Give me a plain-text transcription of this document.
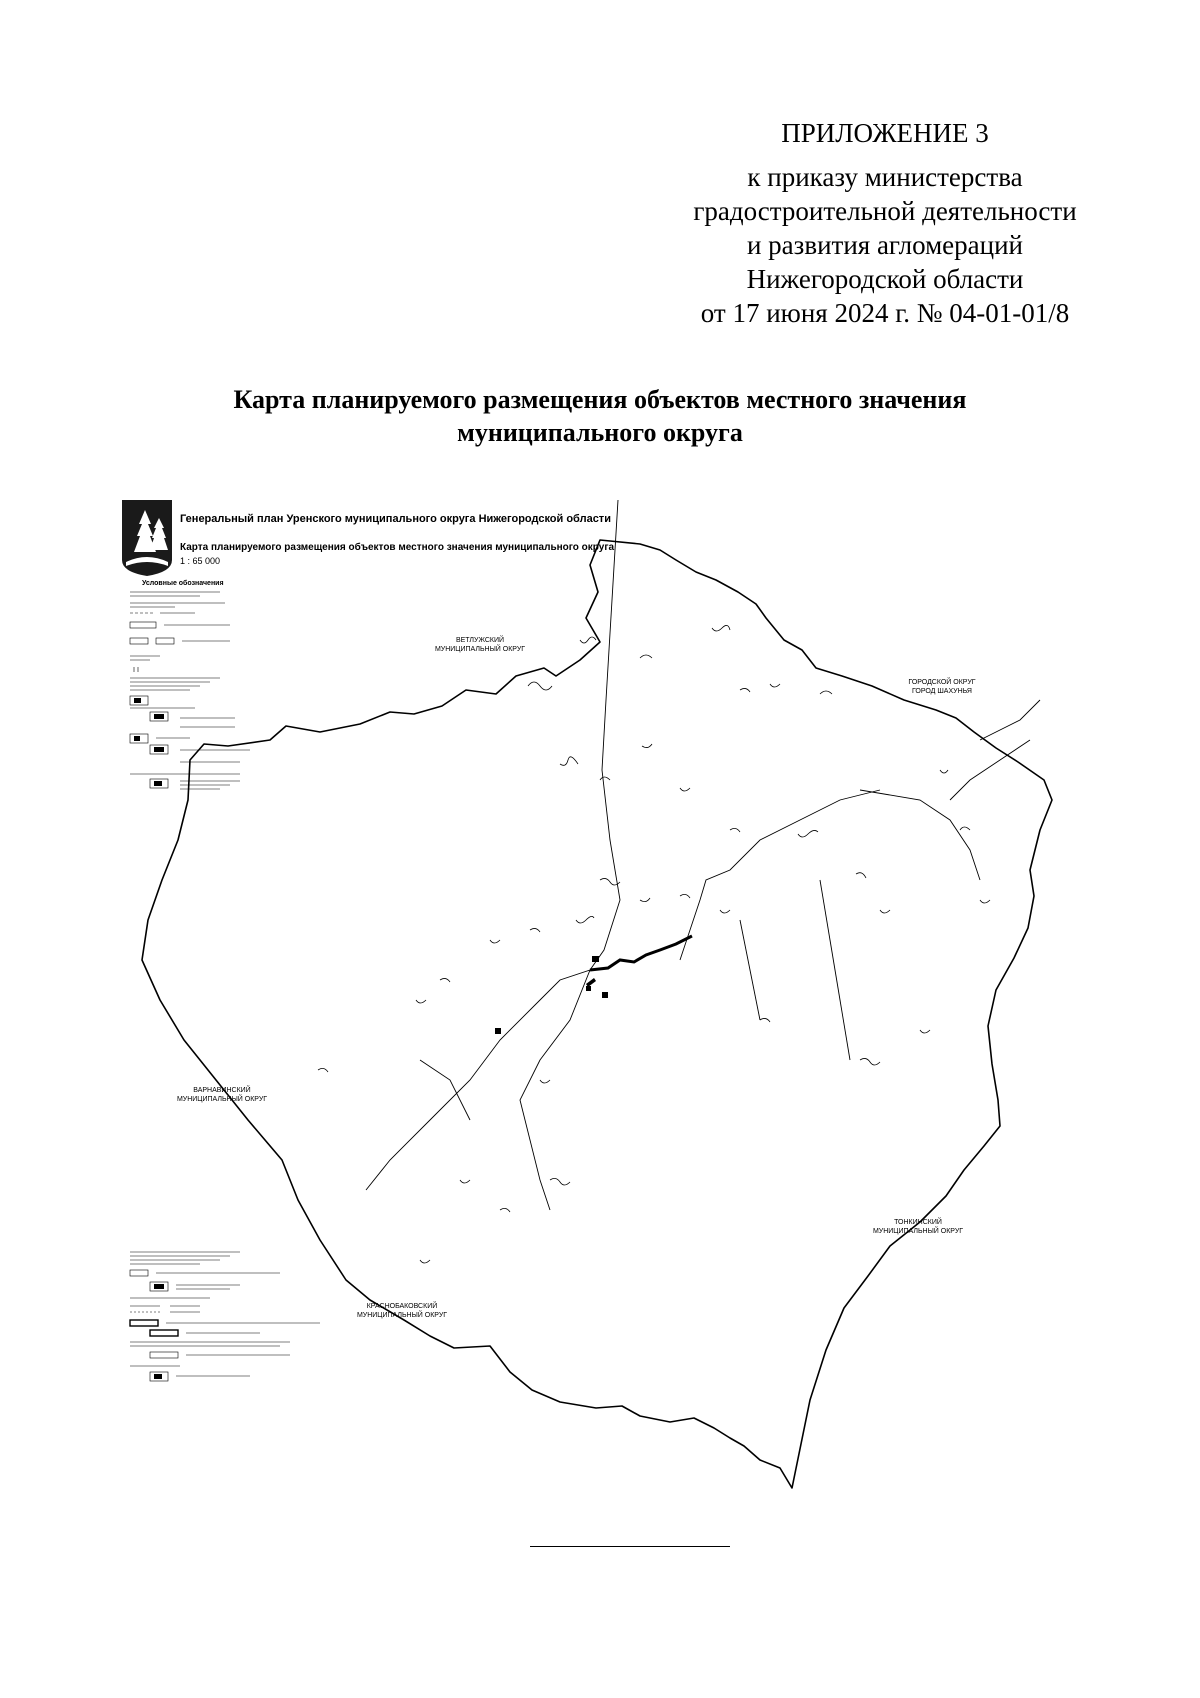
ПРИЛОЖЕНИЕ 3
к приказу министерства
градостроительной деятельности
и развития агломераций
Нижегородской области
от 17 июня 2024 г. № 04-01-01/8
Карта планируемого размещения объектов местного значения
муниципального округа
Генеральный план Уренского муниципального округа Нижегородской области
Карта планируемого размещения объектов местного значения муниципального округа
1 : 65 000
Условные обозначения
ВЕТЛУЖСКИЙ
МУНИЦИПАЛЬНЫЙ ОКРУГ
ГОРОДСКОЙ ОКРУГ
ГОРОД ШАХУНЬЯ
ВАРНАВИНСКИЙ
МУНИЦИПАЛЬНЫЙ ОКРУГ
ТОНКИНСКИЙ
МУНИЦИПАЛЬНЫЙ ОКРУГ
КРАСНОБАКОВСКИЙ
МУНИЦИПАЛЬНЫЙ ОКРУГ
